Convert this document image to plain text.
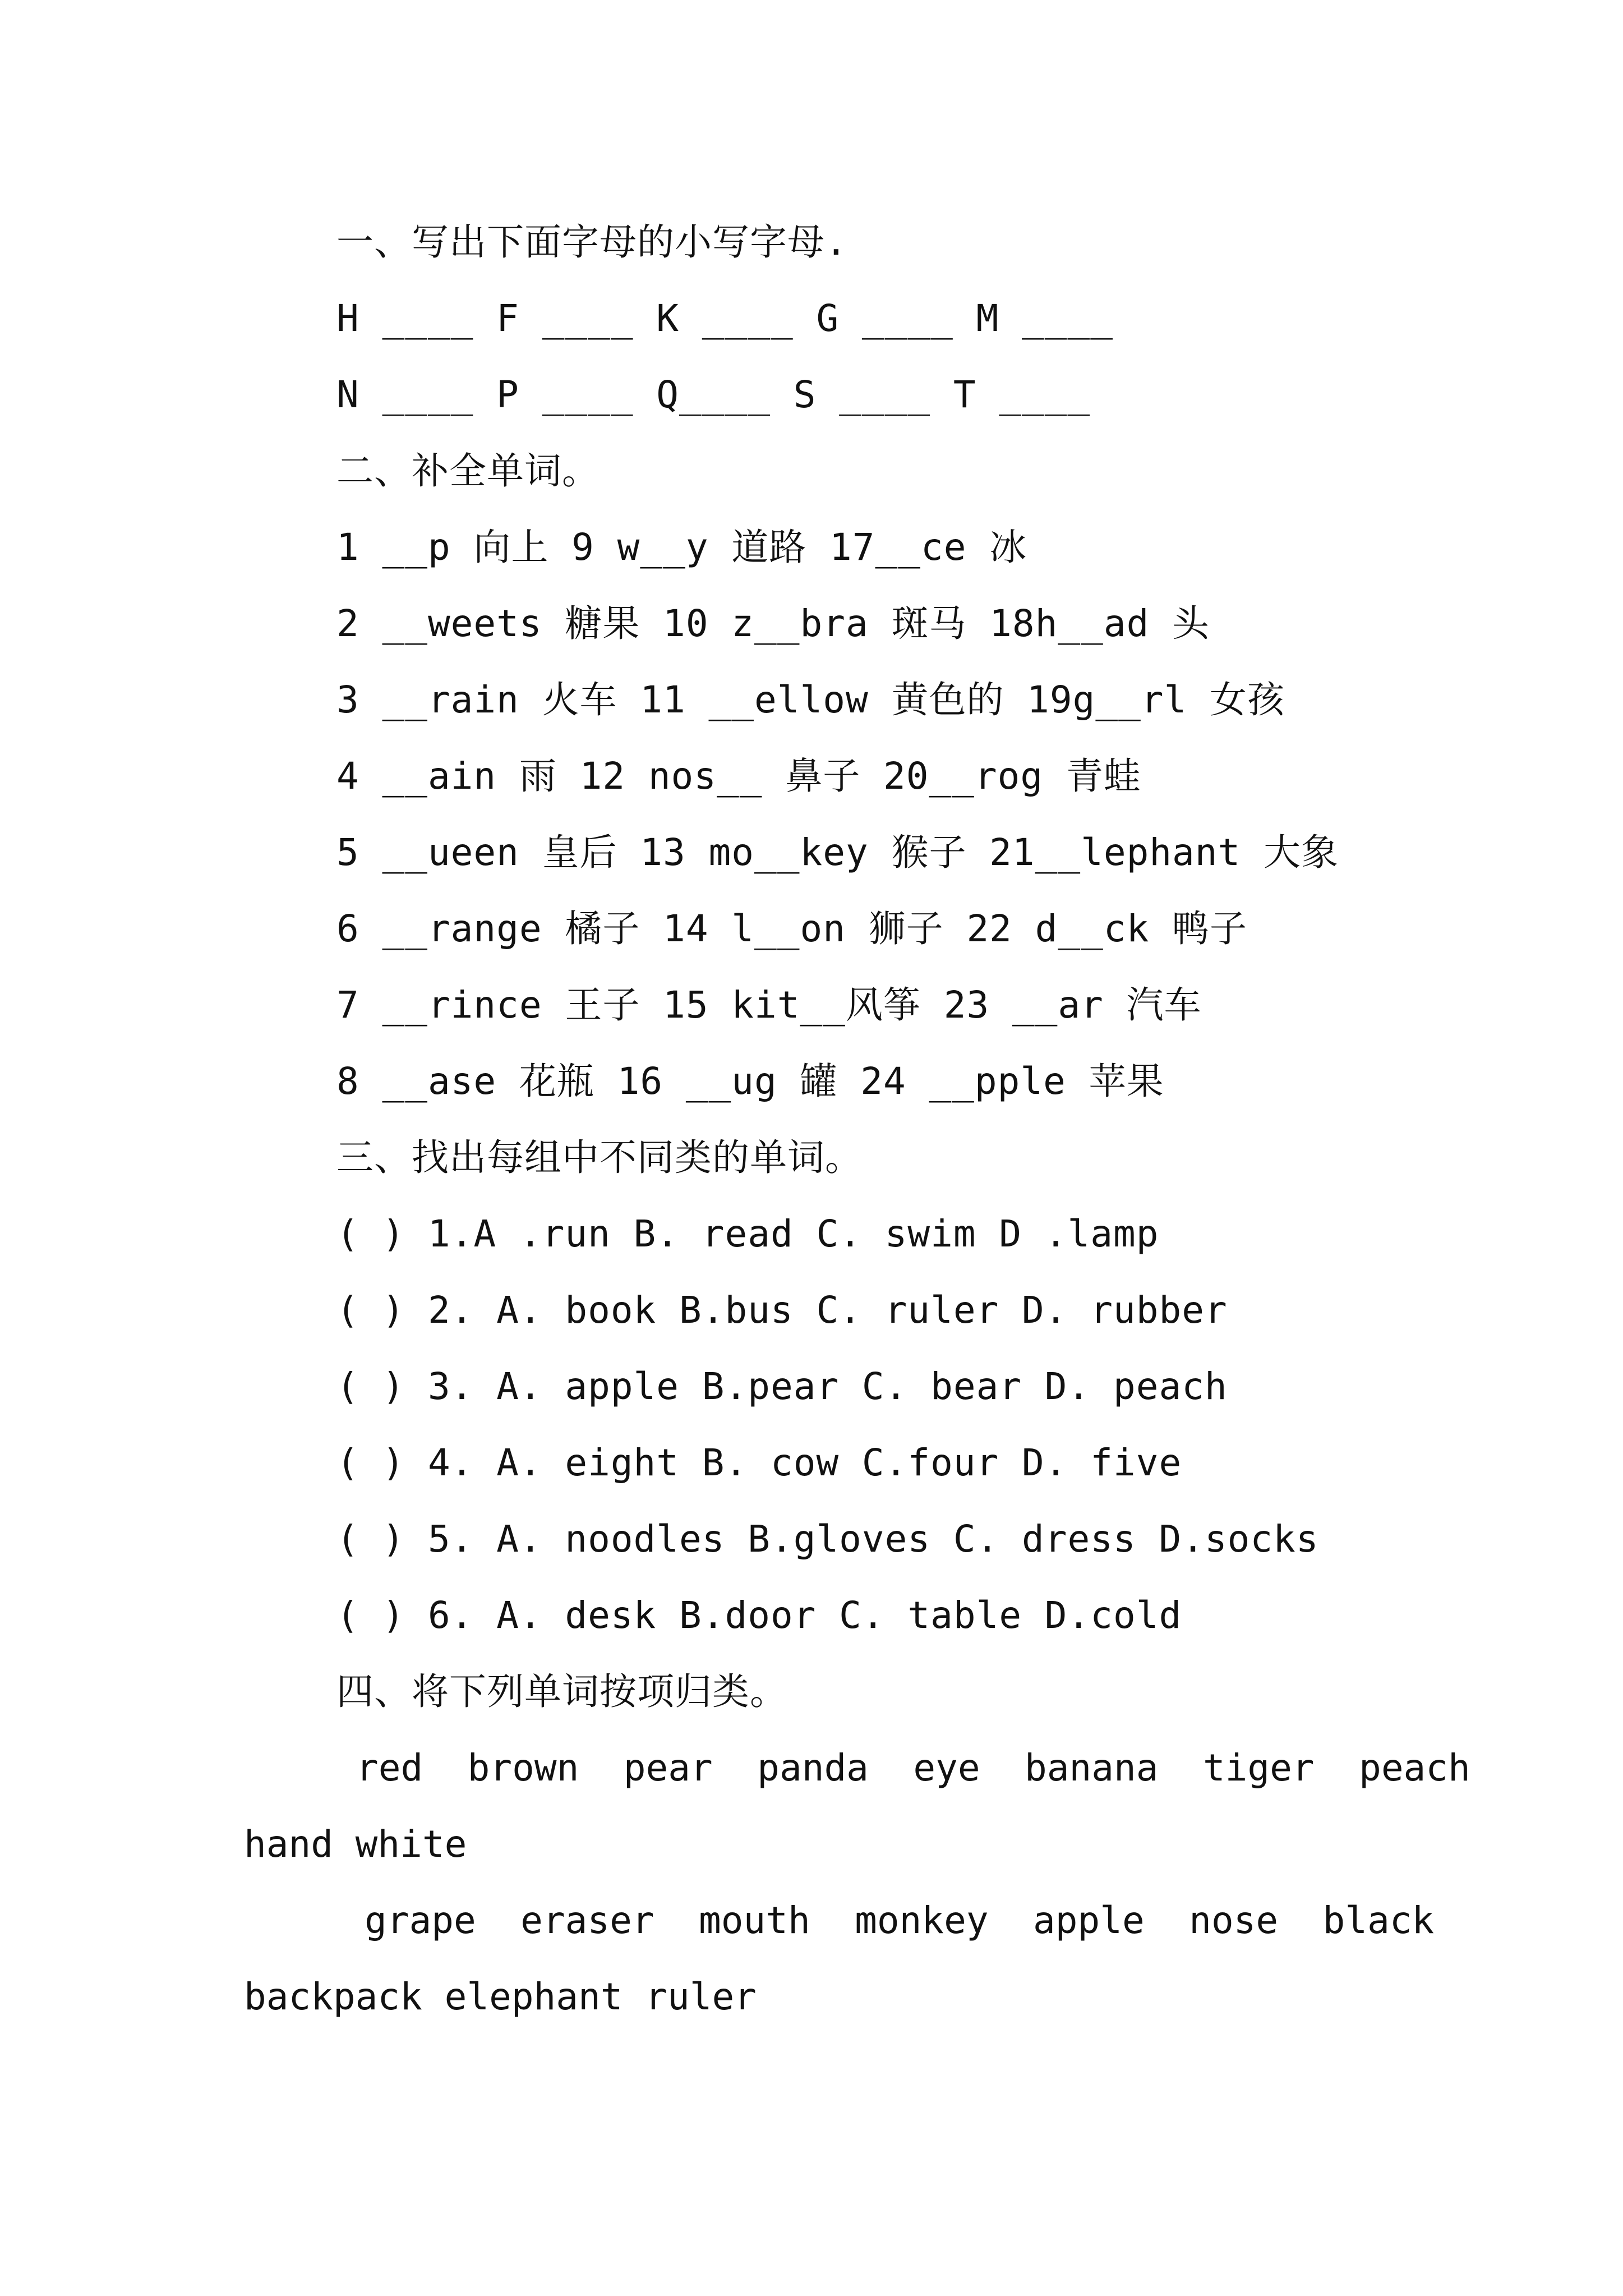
一、写出下面字母的小写字母.
H ____ F ____ K ____ G ____ M ____
N ____ P ____ Q____ S ____ T ____
二、补全单词。
1 __p 向上 9 w__y 道路 17__ce 冰
2 __weets 糖果 10 z__bra 斑马 18h__ad 头
3 __rain 火车 11 __ellow 黄色的 19g__rl 女孩
4 __ain 雨 12 nos__ 鼻子 20__rog 青蛙
5 __ueen 皇后 13 mo__key 猴子 21__lephant 大象
6 __range 橘子 14 l__on 狮子 22 d__ck 鸭子
7 __rince 王子 15 kit__风筝 23 __ar 汽车
8 __ase 花瓶 16 __ug 罐 24 __pple 苹果
三、找出每组中不同类的单词。
( ) 1.A .run B. read C. swim D .lamp
( ) 2. A. book B.bus C. ruler D. rubber
( ) 3. A. apple B.pear C. bear D. peach
( ) 4. A. eight B. cow C.four D. five
( ) 5. A. noodles B.gloves C. dress D.socks
( ) 6. A. desk B.door C. table D.cold
四、将下列单词按项归类。
red  brown  pear  panda  eye  banana  tiger  peach
hand white
grape  eraser  mouth  monkey  apple  nose  black
backpack elephant ruler
